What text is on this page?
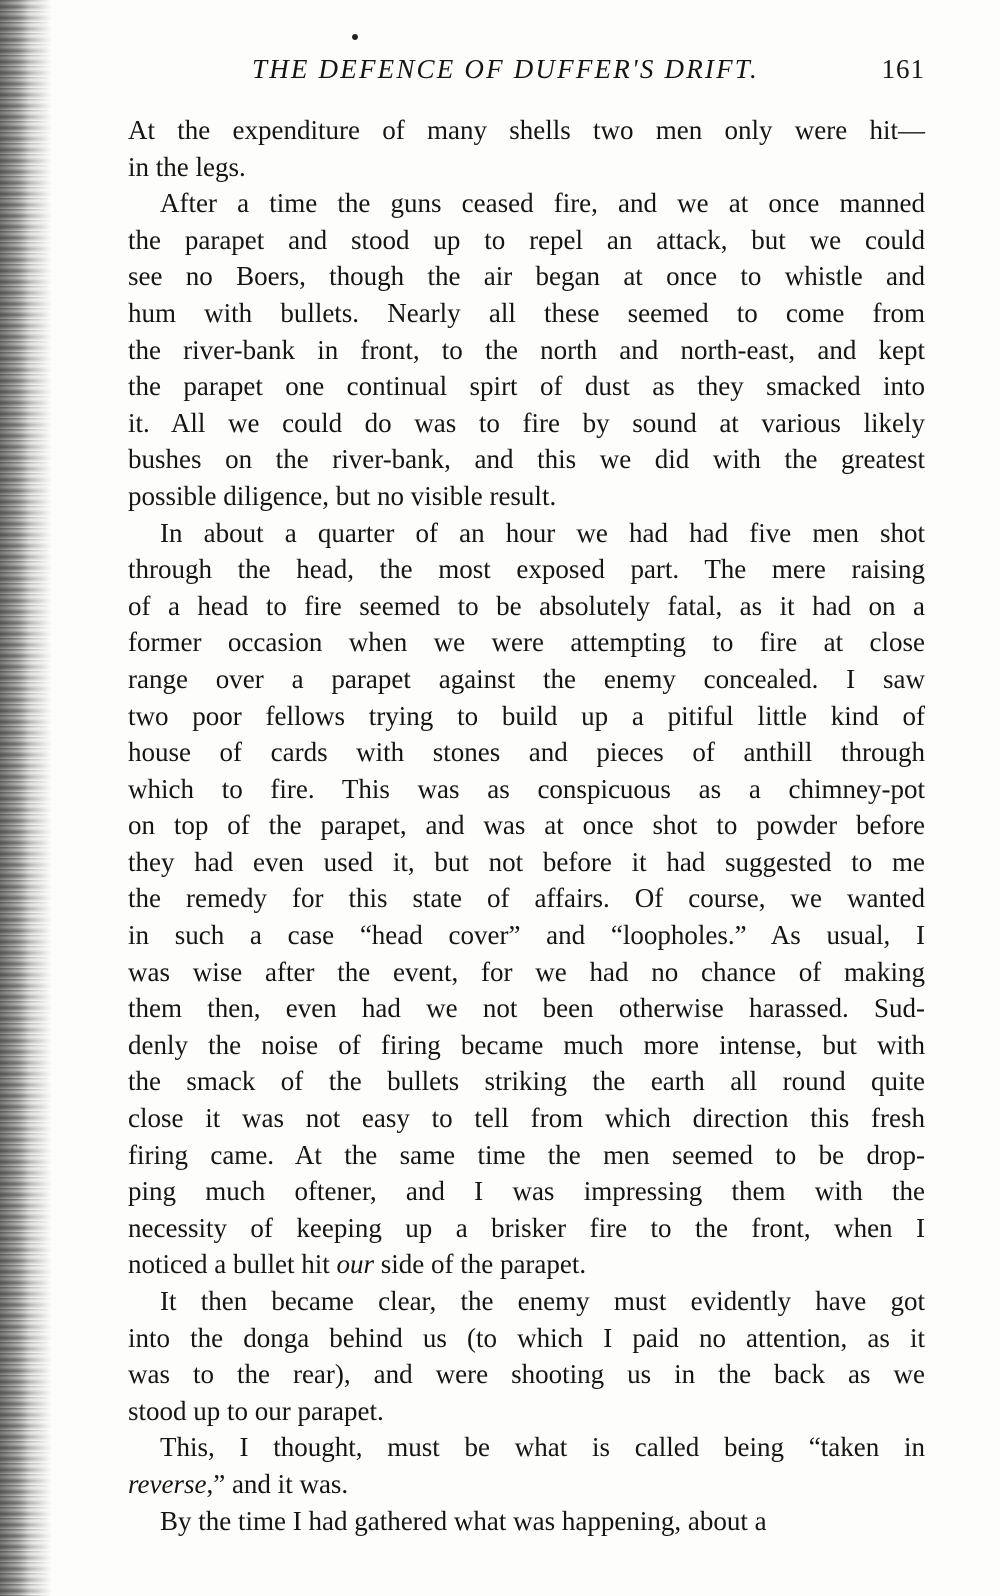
THE DEFENCE OF DUFFER'S DRIFT.	161
At the expenditure of many shells two men only were hit—
in the legs.
After a time the guns ceased fire, and we at once manned
the parapet and stood up to repel an attack, but we could
see no Boers, though the air began at once to whistle and
hum with bullets. Nearly all these seemed to come from
the river-bank in front, to the north and north-east, and kept
the parapet one continual spirt of dust as they smacked into
it. All we could do was to fire by sound at various likely
bushes on the river-bank, and this we did with the greatest
possible diligence, but no visible result.
In about a quarter of an hour we had had five men shot
through the head, the most exposed part. The mere raising
of a head to fire seemed to be absolutely fatal, as it had on a
former occasion when we were attempting to fire at close
range over a parapet against the enemy concealed. I saw
two poor fellows trying to build up a pitiful little kind of
house of cards with stones and pieces of anthill through
which to fire. This was as conspicuous as a chimney-pot
on top of the parapet, and was at once shot to powder before
they had even used it, but not before it had suggested to me
the remedy for this state of affairs. Of course, we wanted
in such a case “head cover” and “loopholes.” As usual, I
was wise after the event, for we had no chance of making
them then, even had we not been otherwise harassed. Sud-
denly the noise of firing became much more intense, but with
the smack of the bullets striking the earth all round quite
close it was not easy to tell from which direction this fresh
firing came. At the same time the men seemed to be drop-
ping much oftener, and I was impressing them with the
necessity of keeping up a brisker fire to the front, when I
noticed a bullet hit our side of the parapet.
It then became clear, the enemy must evidently have got
into the donga behind us (to which I paid no attention, as it
was to the rear), and were shooting us in the back as we
stood up to our parapet.
This, I thought, must be what is called being “taken in
reverse,” and it was.
By the time I had gathered what was happening, about a
